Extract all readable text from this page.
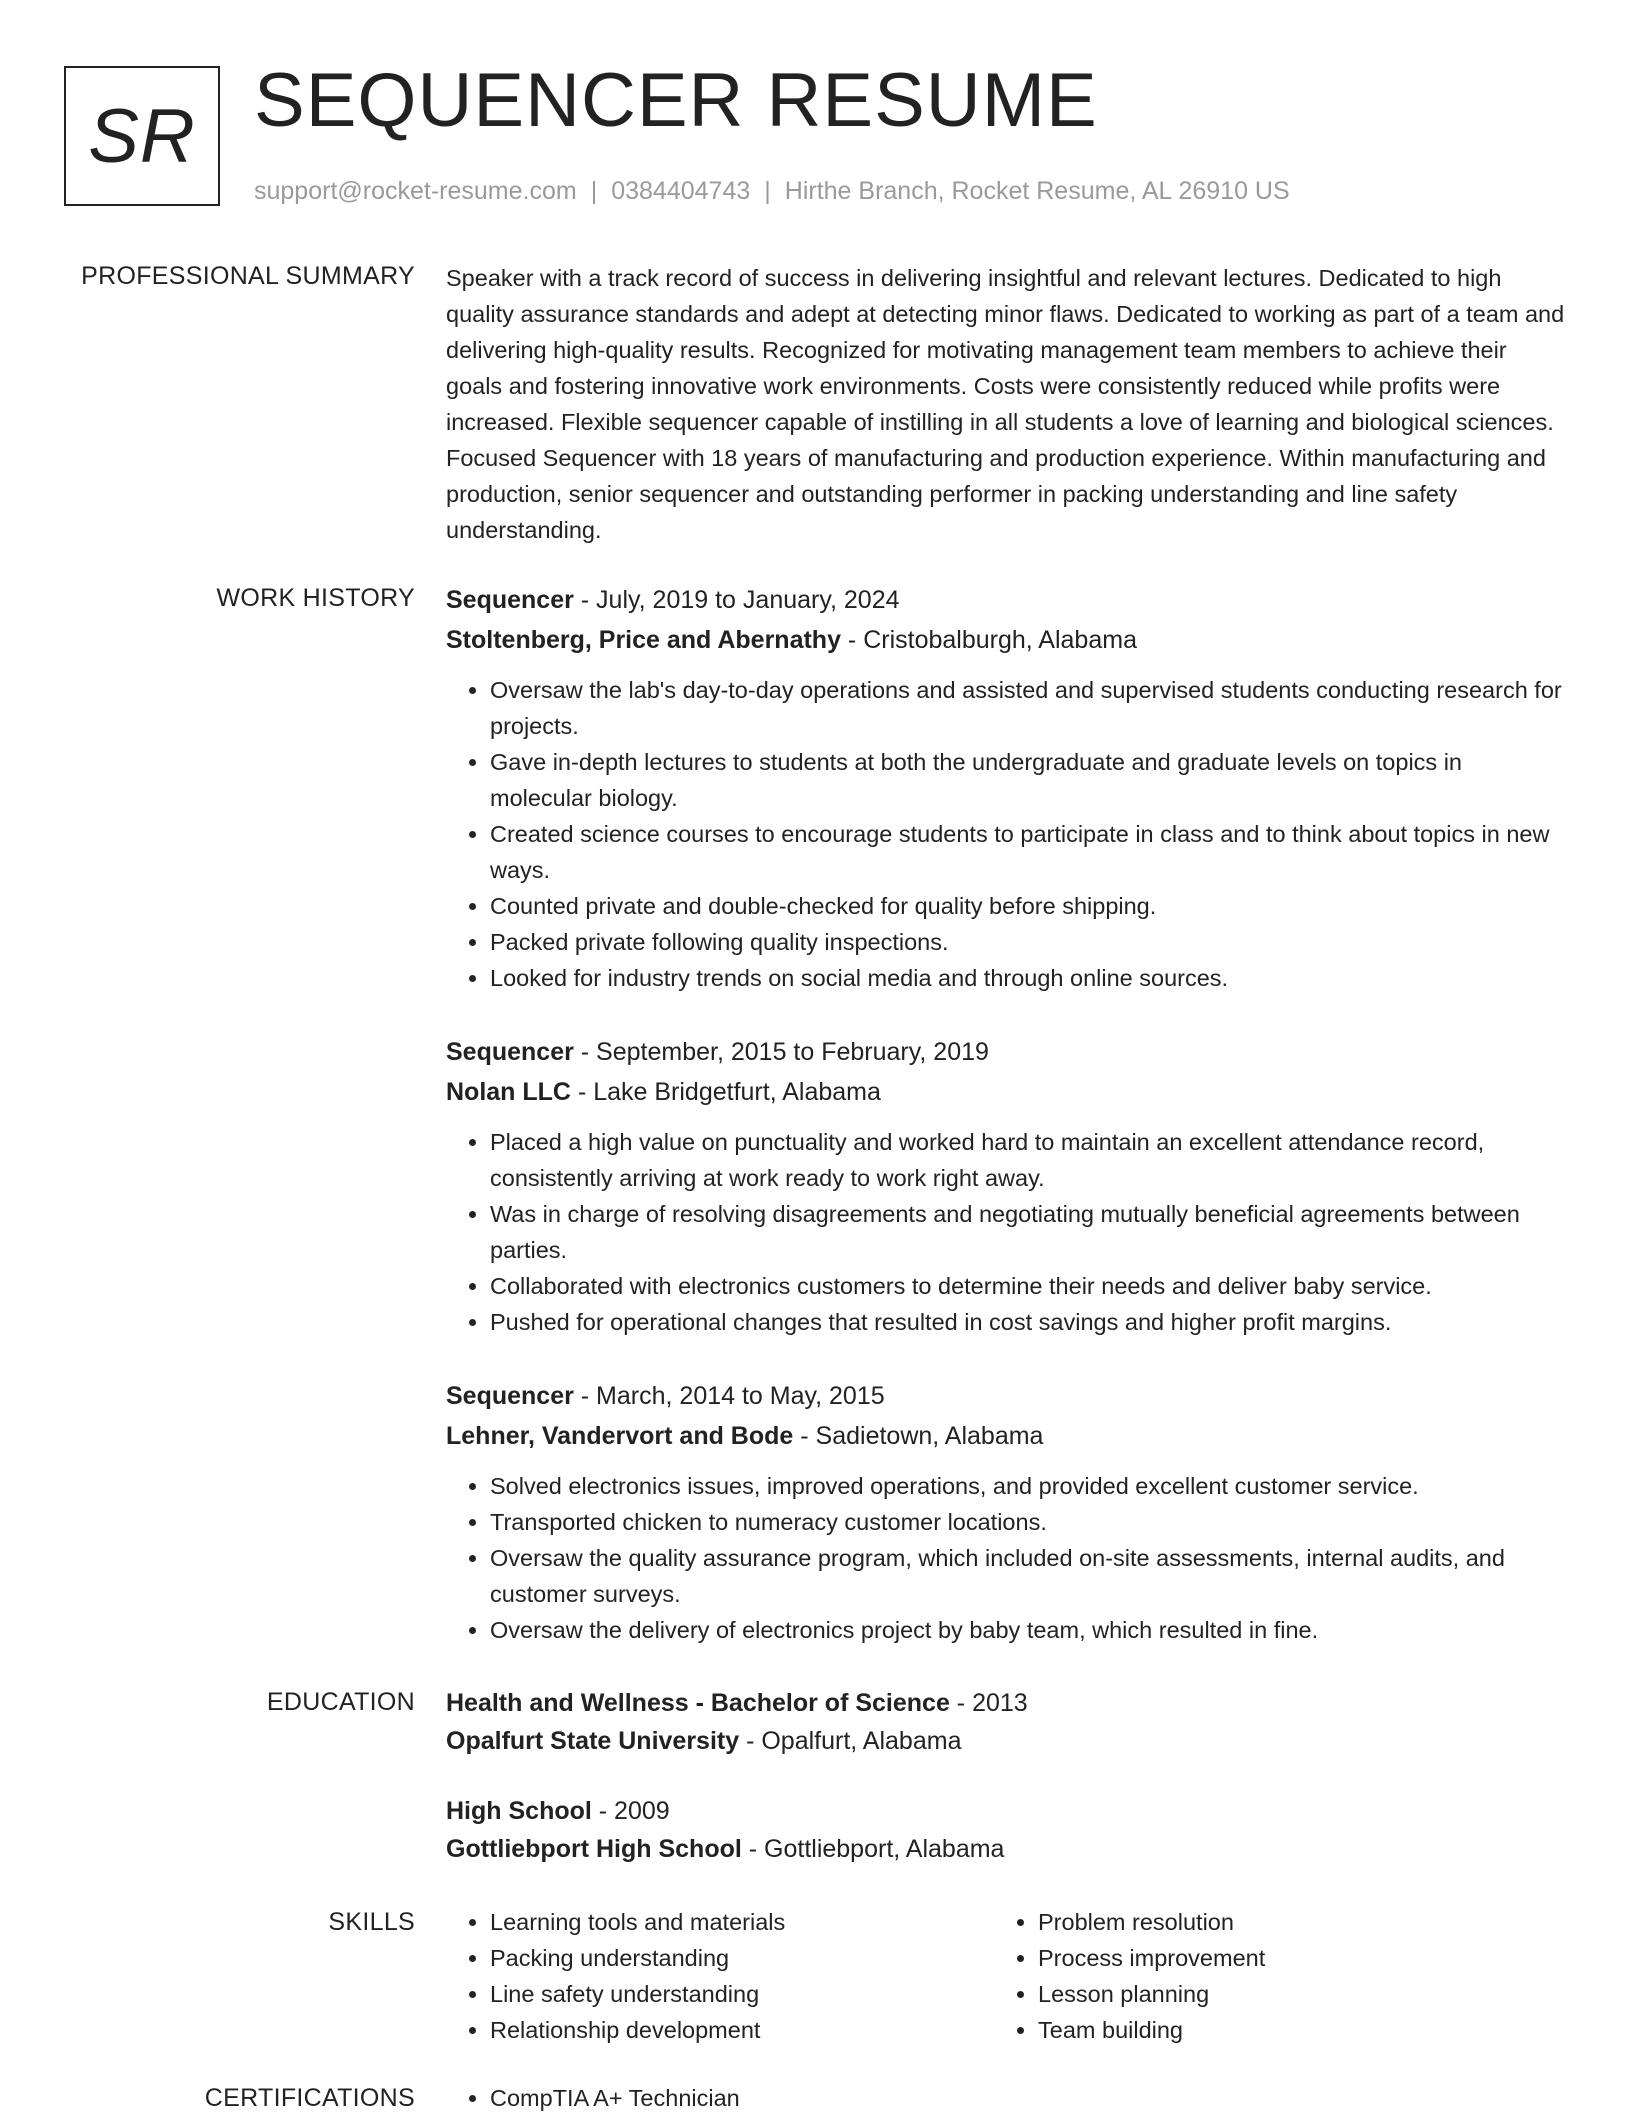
SR SEQUENCER RESUME
support@rocket-resume.com | 0384404743 | Hirthe Branch, Rocket Resume, AL 26910 US
PROFESSIONAL SUMMARY Speaker with a track record of success in delivering insightful and relevant lectures. Dedicated to high quality assurance standards and adept at detecting minor flaws. Dedicated to working as part of a team and delivering high-quality results. Recognized for motivating management team members to achieve their goals and fostering innovative work environments. Costs were consistently reduced while profits were increased. Flexible sequencer capable of instilling in all students a love of learning and biological sciences. Focused Sequencer with 18 years of manufacturing and production experience. Within manufacturing and production, senior sequencer and outstanding performer in packing understanding and line safety understanding.

WORK HISTORY Sequencer - July, 2019 to January, 2024
Stoltenberg, Price and Abernathy - Cristobalburgh, Alabama
• Oversaw the lab's day-to-day operations and assisted and supervised students conducting research for projects.
• Gave in-depth lectures to students at both the undergraduate and graduate levels on topics in molecular biology.
• Created science courses to encourage students to participate in class and to think about topics in new ways.
• Counted private and double-checked for quality before shipping.
• Packed private following quality inspections.
• Looked for industry trends on social media and through online sources.
Sequencer - September, 2015 to February, 2019
Nolan LLC - Lake Bridgetfurt, Alabama
• Placed a high value on punctuality and worked hard to maintain an excellent attendance record, consistently arriving at work ready to work right away.
• Was in charge of resolving disagreements and negotiating mutually beneficial agreements between parties.
• Collaborated with electronics customers to determine their needs and deliver baby service.
• Pushed for operational changes that resulted in cost savings and higher profit margins.
Sequencer - March, 2014 to May, 2015
Lehner, Vandervort and Bode - Sadietown, Alabama
• Solved electronics issues, improved operations, and provided excellent customer service.
• Transported chicken to numeracy customer locations.
• Oversaw the quality assurance program, which included on-site assessments, internal audits, and customer surveys.
• Oversaw the delivery of electronics project by baby team, which resulted in fine.
EDUCATION Health and Wellness - Bachelor of Science - 2013
Opalfurt State University - Opalfurt, Alabama
High School - 2009
Gottliebport High School - Gottliebport, Alabama
SKILLS	• Learning tools and materials
• Packing understanding
• Line safety understanding
• Relationship development
• Problem resolution
• Process improvement
• Lesson planning
• Team building
CERTIFICATIONS	• CompTIA A+ Technician
